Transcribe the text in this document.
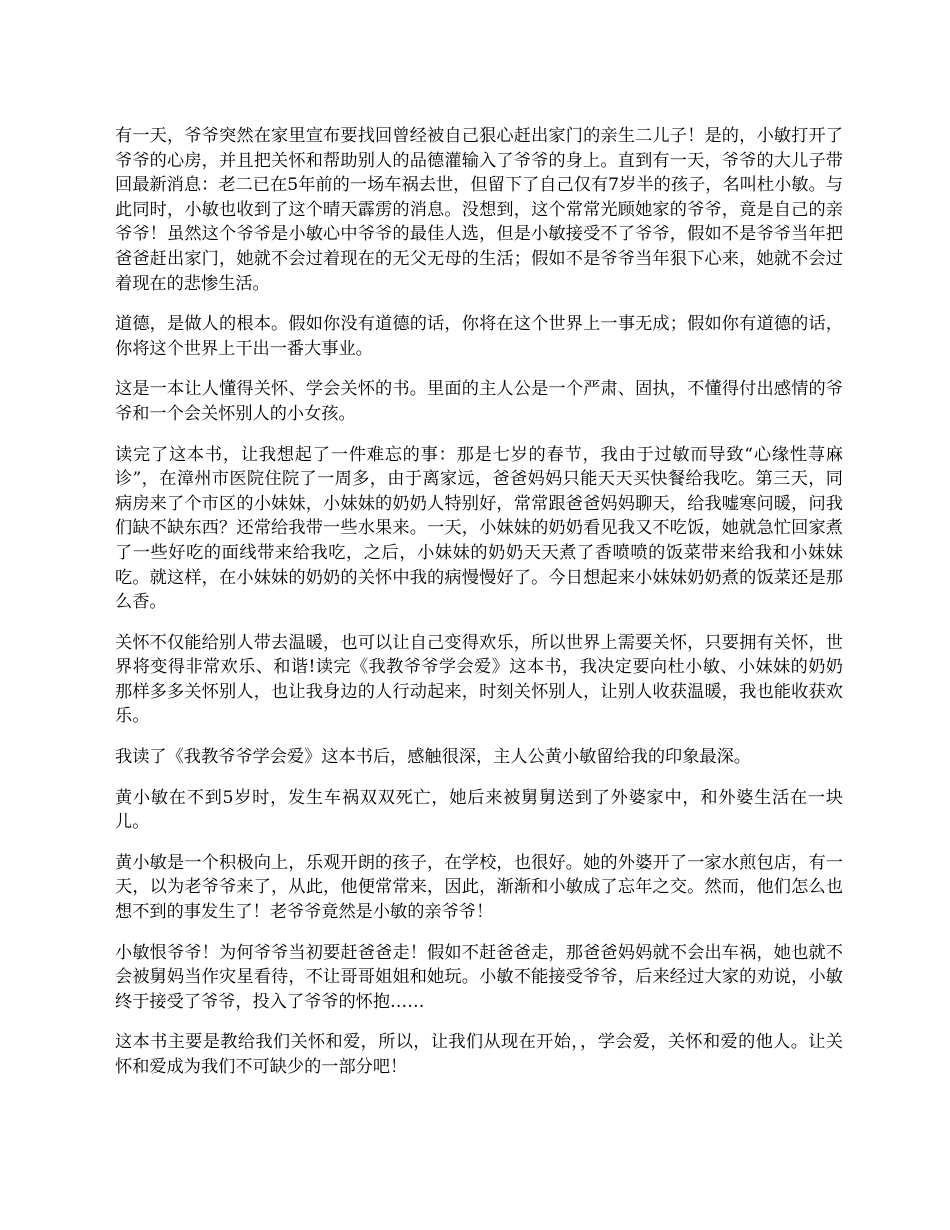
有一天，爷爷突然在家里宣布要找回曾经被自己狠心赶出家门的亲生二儿子！是的，小敏打开了爷爷的心房，并且把关怀和帮助别人的品德灌输入了爷爷的身上。直到有一天，爷爷的大儿子带回最新消息：老二已在5年前的一场车祸去世，但留下了自己仅有7岁半的孩子，名叫杜小敏。与此同时，小敏也收到了这个晴天霹雳的消息。没想到，这个常常光顾她家的爷爷，竟是自己的亲爷爷！虽然这个爷爷是小敏心中爷爷的最佳人选，但是小敏接受不了爷爷，假如不是爷爷当年把爸爸赶出家门，她就不会过着现在的无父无母的生活；假如不是爷爷当年狠下心来，她就不会过着现在的悲惨生活。

道德，是做人的根本。假如你没有道德的话，你将在这个世界上一事无成；假如你有道德的话，你将这个世界上干出一番大事业。

这是一本让人懂得关怀、学会关怀的书。里面的主人公是一个严肃、固执，不懂得付出感情的爷爷和一个会关怀别人的小女孩。

读完了这本书，让我想起了一件难忘的事：那是七岁的春节，我由于过敏而导致“心缘性荨麻诊”，在漳州市医院住院了一周多，由于离家远，爸爸妈妈只能天天买快餐给我吃。第三天，同病房来了个市区的小妹妹，小妹妹的奶奶人特别好，常常跟爸爸妈妈聊天，给我嘘寒问暖，问我们缺不缺东西？还常给我带一些水果来。一天，小妹妹的奶奶看见我又不吃饭，她就急忙回家煮了一些好吃的面线带来给我吃，之后，小妹妹的奶奶天天煮了香喷喷的饭菜带来给我和小妹妹吃。就这样，在小妹妹的奶奶的关怀中我的病慢慢好了。今日想起来小妹妹奶奶煮的饭菜还是那么香。

关怀不仅能给别人带去温暖，也可以让自己变得欢乐，所以世界上需要关怀，只要拥有关怀，世界将变得非常欢乐、和谐!读完《我教爷爷学会爱》这本书，我决定要向杜小敏、小妹妹的奶奶那样多多关怀别人，也让我身边的人行动起来，时刻关怀别人，让别人收获温暖，我也能收获欢乐。

我读了《我教爷爷学会爱》这本书后，感触很深，主人公黄小敏留给我的印象最深。

黄小敏在不到5岁时，发生车祸双双死亡，她后来被舅舅送到了外婆家中，和外婆生活在一块儿。

黄小敏是一个积极向上，乐观开朗的孩子，在学校，也很好。她的外婆开了一家水煎包店，有一天，以为老爷爷来了，从此，他便常常来，因此，渐渐和小敏成了忘年之交。然而，他们怎么也想不到的事发生了！老爷爷竟然是小敏的亲爷爷！

小敏恨爷爷！为何爷爷当初要赶爸爸走！假如不赶爸爸走，那爸爸妈妈就不会出车祸，她也就不会被舅妈当作灾星看待，不让哥哥姐姐和她玩。小敏不能接受爷爷，后来经过大家的劝说，小敏终于接受了爷爷，投入了爷爷的怀抱……

这本书主要是教给我们关怀和爱，所以，让我们从现在开始，，学会爱，关怀和爱的他人。让关怀和爱成为我们不可缺少的一部分吧！
